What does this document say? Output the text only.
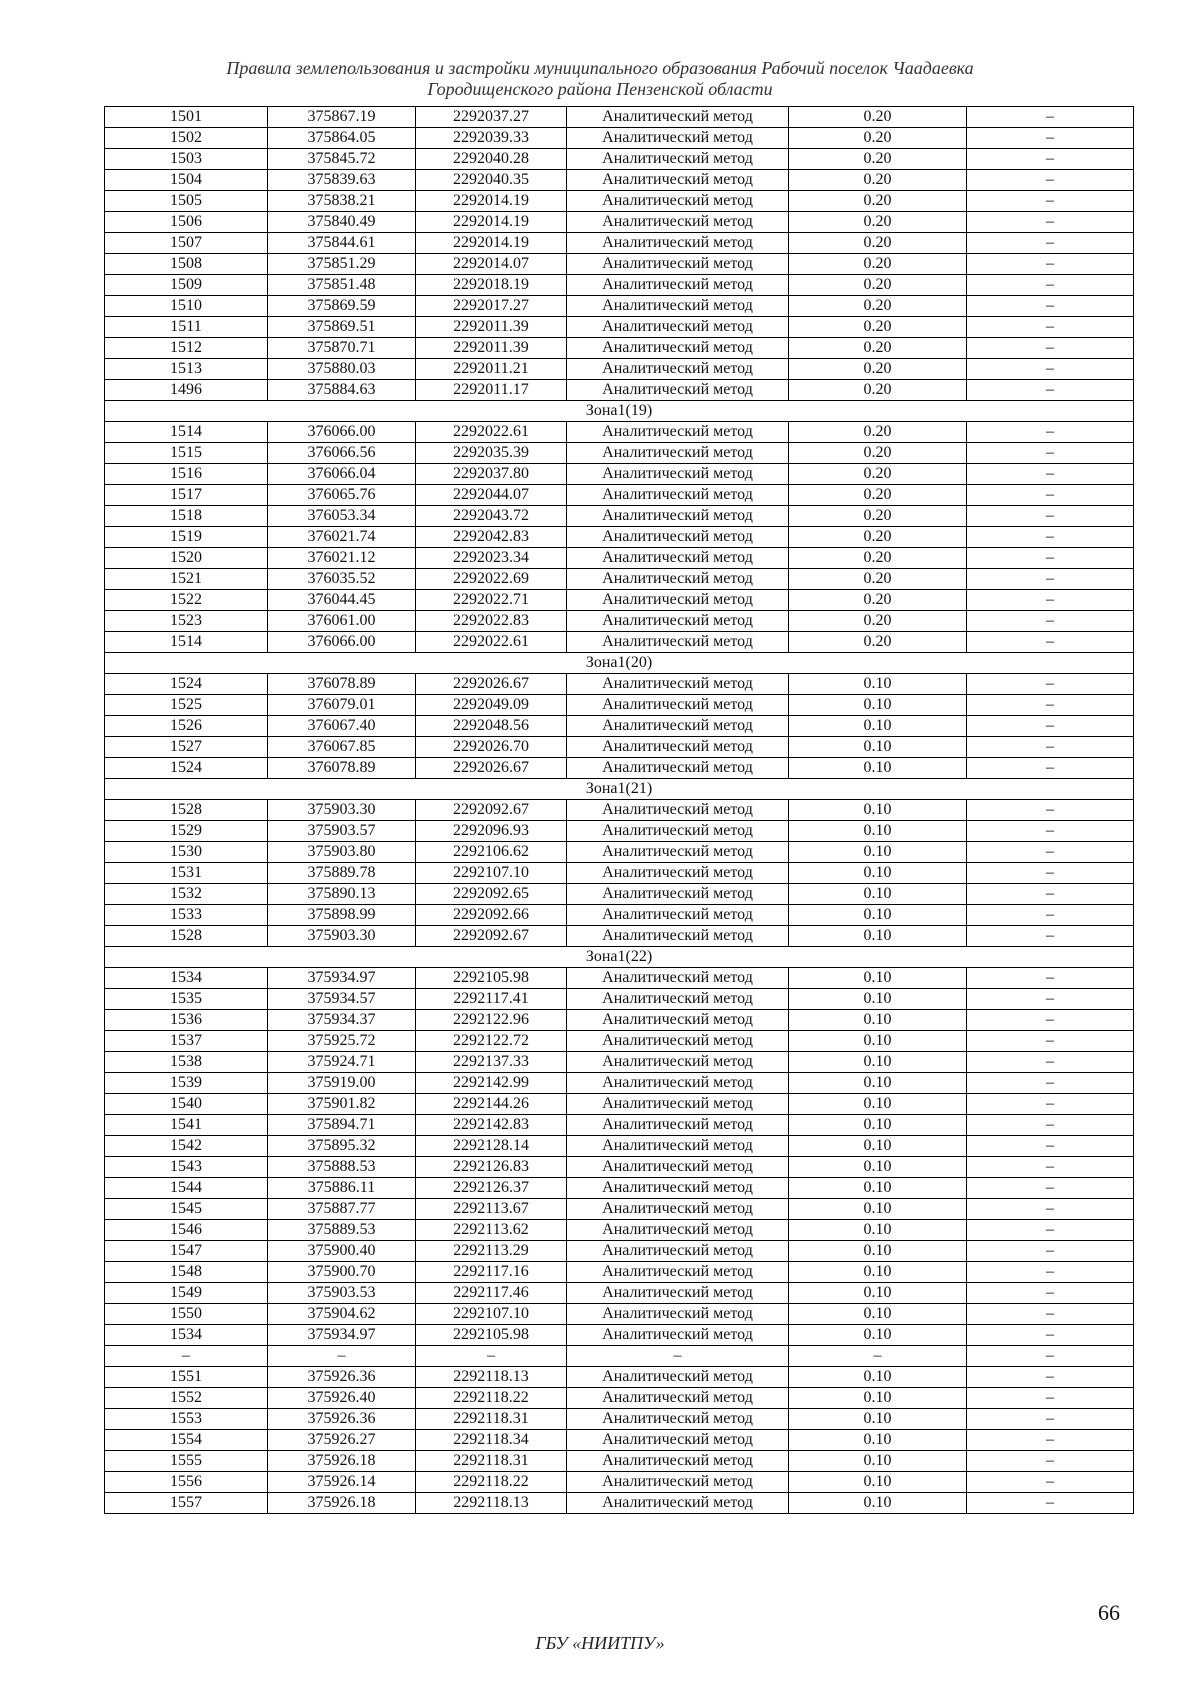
Правила землепользования и застройки муниципального образования Рабочий поселок Чаадаевка
Городищенского района Пензенской области
1501	375867.19	2292037.27	Аналитический метод	0.20	–
1502	375864.05	2292039.33	Аналитический метод	0.20	–
1503	375845.72	2292040.28	Аналитический метод	0.20	–
1504	375839.63	2292040.35	Аналитический метод	0.20	–
1505	375838.21	2292014.19	Аналитический метод	0.20	–
1506	375840.49	2292014.19	Аналитический метод	0.20	–
1507	375844.61	2292014.19	Аналитический метод	0.20	–
1508	375851.29	2292014.07	Аналитический метод	0.20	–
1509	375851.48	2292018.19	Аналитический метод	0.20	–
1510	375869.59	2292017.27	Аналитический метод	0.20	–
1511	375869.51	2292011.39	Аналитический метод	0.20	–
1512	375870.71	2292011.39	Аналитический метод	0.20	–
1513	375880.03	2292011.21	Аналитический метод	0.20	–
1496	375884.63	2292011.17	Аналитический метод	0.20	–
Зона1(19)					
1514	376066.00	2292022.61	Аналитический метод	0.20	–
1515	376066.56	2292035.39	Аналитический метод	0.20	–
1516	376066.04	2292037.80	Аналитический метод	0.20	–
1517	376065.76	2292044.07	Аналитический метод	0.20	–
1518	376053.34	2292043.72	Аналитический метод	0.20	–
1519	376021.74	2292042.83	Аналитический метод	0.20	–
1520	376021.12	2292023.34	Аналитический метод	0.20	–
1521	376035.52	2292022.69	Аналитический метод	0.20	–
1522	376044.45	2292022.71	Аналитический метод	0.20	–
1523	376061.00	2292022.83	Аналитический метод	0.20	–
1514	376066.00	2292022.61	Аналитический метод	0.20	–
Зона1(20)					
1524	376078.89	2292026.67	Аналитический метод	0.10	–
1525	376079.01	2292049.09	Аналитический метод	0.10	–
1526	376067.40	2292048.56	Аналитический метод	0.10	–
1527	376067.85	2292026.70	Аналитический метод	0.10	–
1524	376078.89	2292026.67	Аналитический метод	0.10	–
Зона1(21)					
1528	375903.30	2292092.67	Аналитический метод	0.10	–
1529	375903.57	2292096.93	Аналитический метод	0.10	–
1530	375903.80	2292106.62	Аналитический метод	0.10	–
1531	375889.78	2292107.10	Аналитический метод	0.10	–
1532	375890.13	2292092.65	Аналитический метод	0.10	–
1533	375898.99	2292092.66	Аналитический метод	0.10	–
1528	375903.30	2292092.67	Аналитический метод	0.10	–
Зона1(22)					
1534	375934.97	2292105.98	Аналитический метод	0.10	–
1535	375934.57	2292117.41	Аналитический метод	0.10	–
1536	375934.37	2292122.96	Аналитический метод	0.10	–
1537	375925.72	2292122.72	Аналитический метод	0.10	–
1538	375924.71	2292137.33	Аналитический метод	0.10	–
1539	375919.00	2292142.99	Аналитический метод	0.10	–
1540	375901.82	2292144.26	Аналитический метод	0.10	–
1541	375894.71	2292142.83	Аналитический метод	0.10	–
1542	375895.32	2292128.14	Аналитический метод	0.10	–
1543	375888.53	2292126.83	Аналитический метод	0.10	–
1544	375886.11	2292126.37	Аналитический метод	0.10	–
1545	375887.77	2292113.67	Аналитический метод	0.10	–
1546	375889.53	2292113.62	Аналитический метод	0.10	–
1547	375900.40	2292113.29	Аналитический метод	0.10	–
1548	375900.70	2292117.16	Аналитический метод	0.10	–
1549	375903.53	2292117.46	Аналитический метод	0.10	–
1550	375904.62	2292107.10	Аналитический метод	0.10	–
1534	375934.97	2292105.98	Аналитический метод	0.10	–
–	–	–	–	–	–
1551	375926.36	2292118.13	Аналитический метод	0.10	–
1552	375926.40	2292118.22	Аналитический метод	0.10	–
1553	375926.36	2292118.31	Аналитический метод	0.10	–
1554	375926.27	2292118.34	Аналитический метод	0.10	–
1555	375926.18	2292118.31	Аналитический метод	0.10	–
1556	375926.14	2292118.22	Аналитический метод	0.10	–
1557	375926.18	2292118.13	Аналитический метод	0.10	–
66
ГБУ «НИИТПУ»
